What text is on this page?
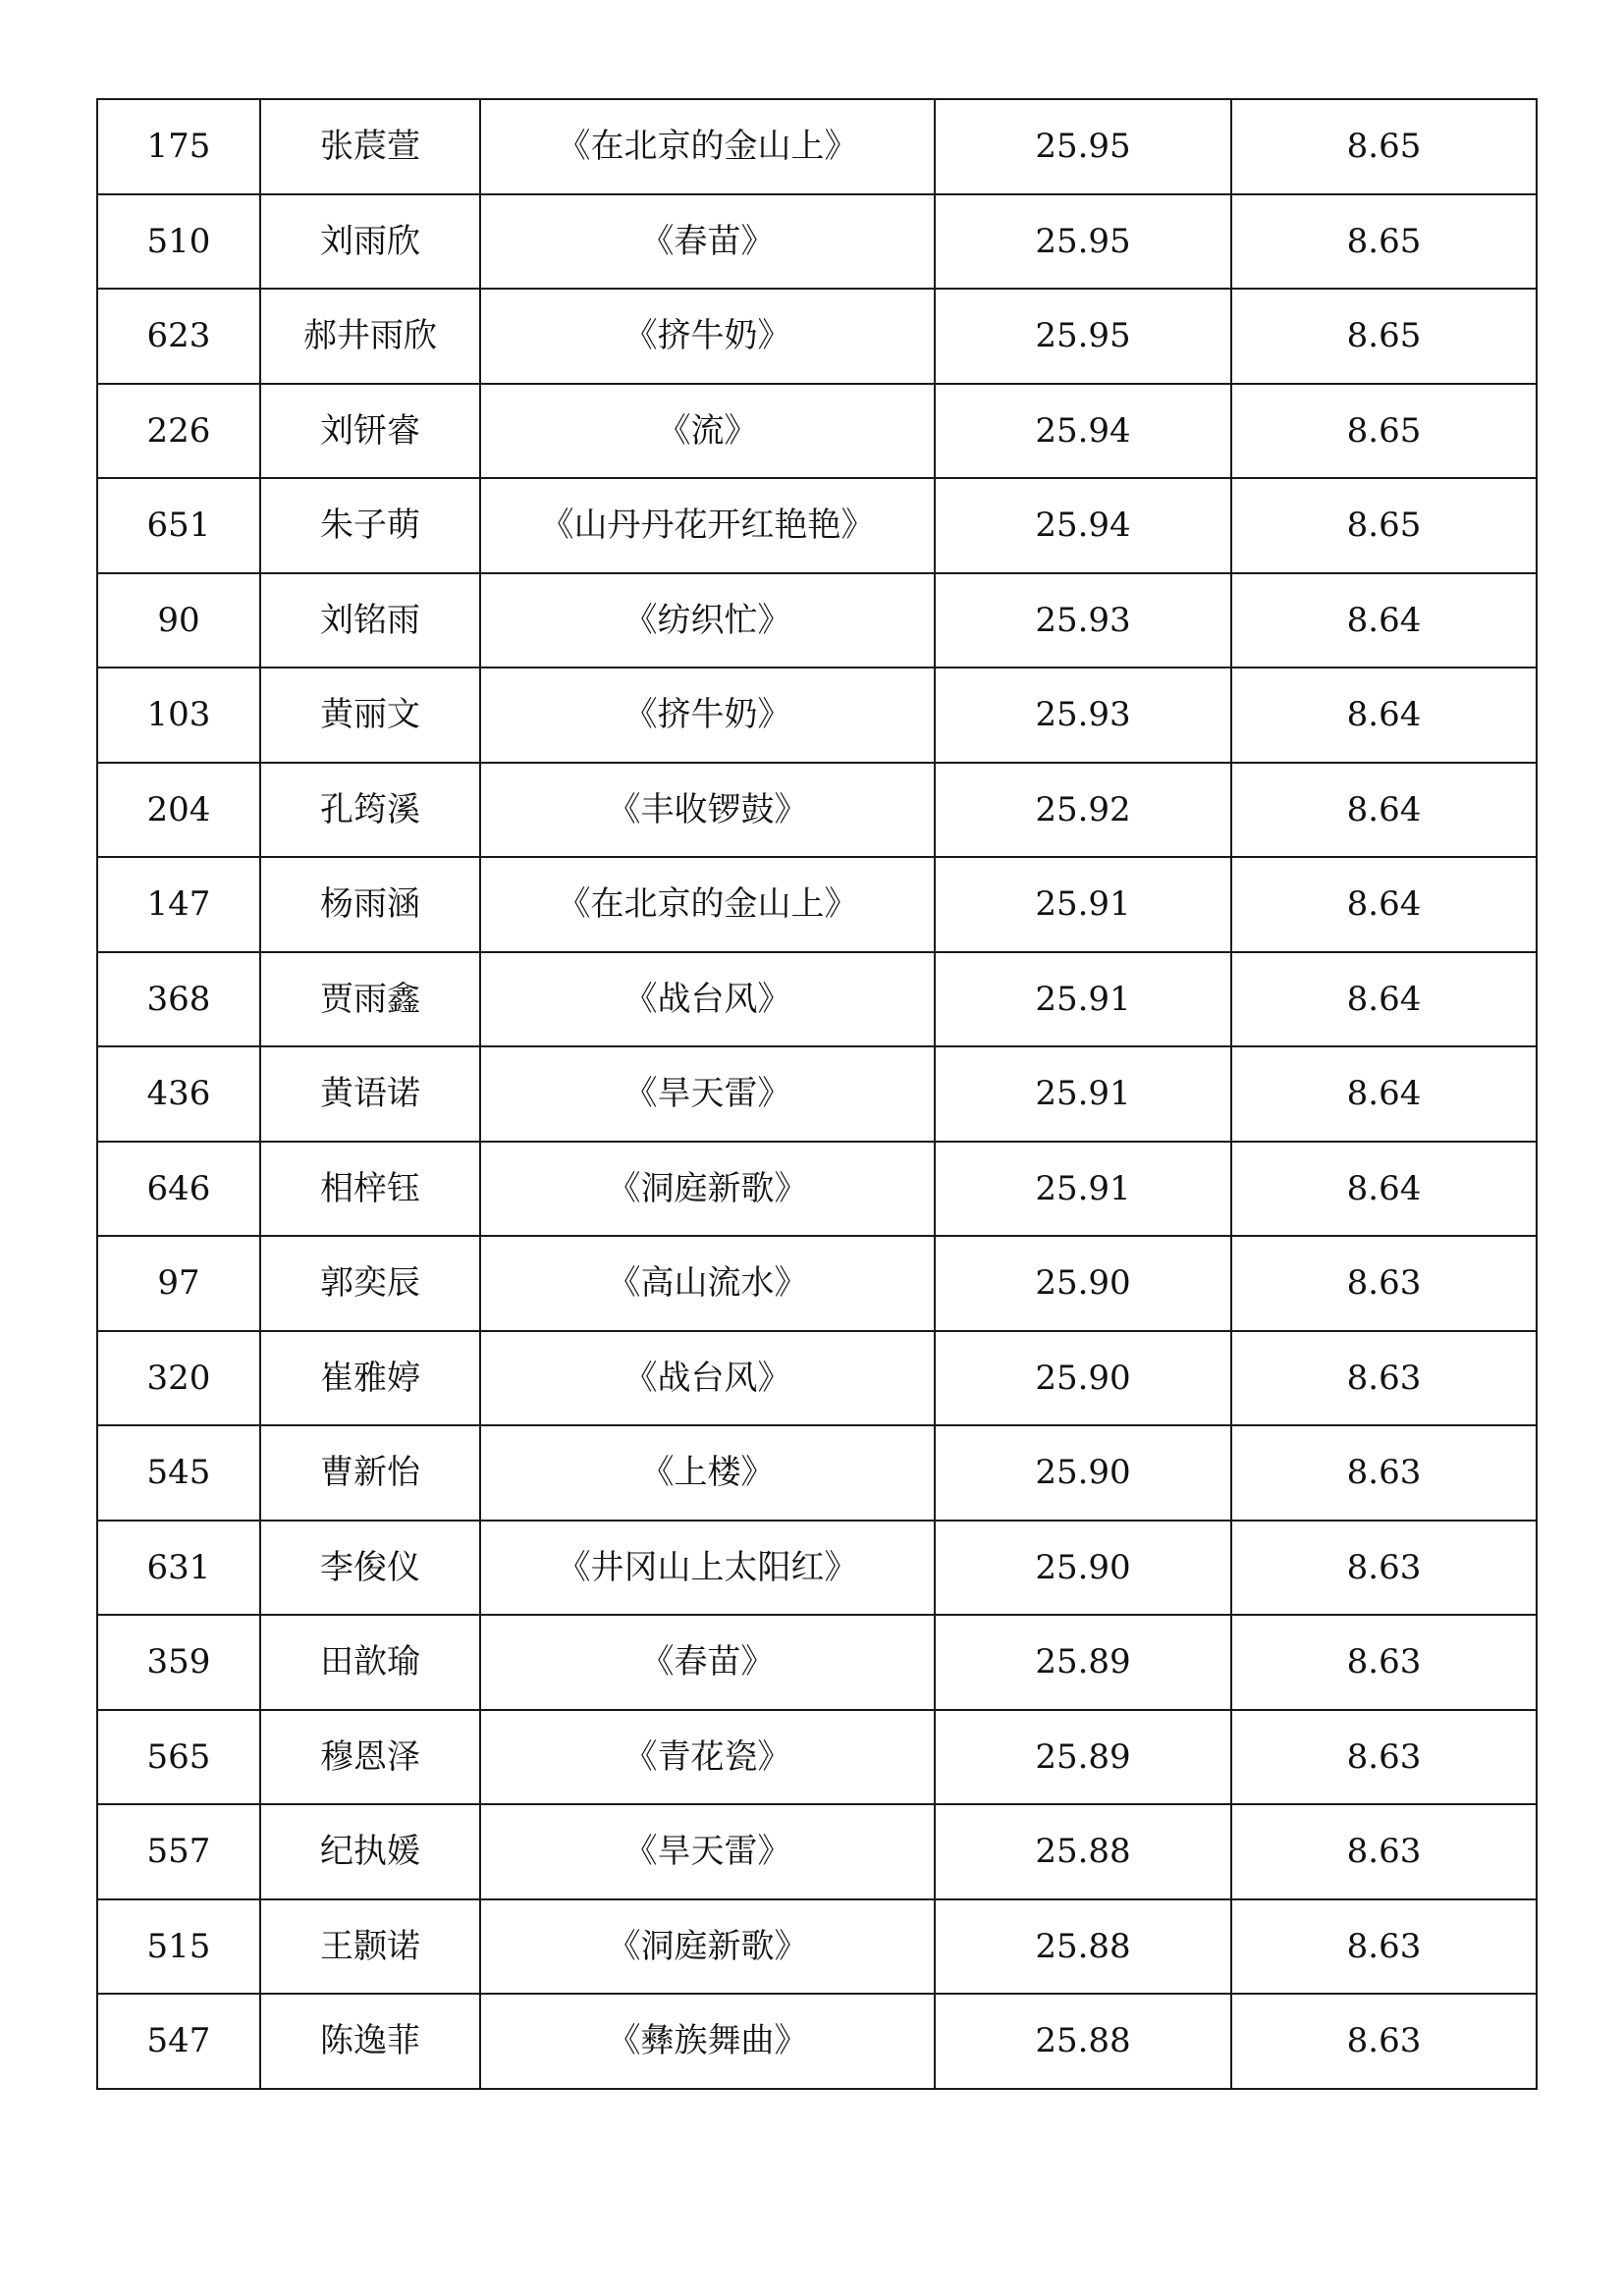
175	张莀萱	《在北京的金山上》	25.95	8.65
510	刘雨欣	《春苗》	25.95	8.65
623	郝井雨欣	《挤牛奶》	25.95	8.65
226	刘钘睿	《流》	25.94	8.65
651	朱子萌	《山丹丹花开红艳艳》	25.94	8.65
90	刘铭雨	《纺织忙》	25.93	8.64
103	黄丽文	《挤牛奶》	25.93	8.64
204	孔筠溪	《丰收锣鼓》	25.92	8.64
147	杨雨涵	《在北京的金山上》	25.91	8.64
368	贾雨鑫	《战台风》	25.91	8.64
436	黄语诺	《旱天雷》	25.91	8.64
646	相梓钰	《洞庭新歌》	25.91	8.64
97	郭奕辰	《高山流水》	25.90	8.63
320	崔雅婷	《战台风》	25.90	8.63
545	曹新怡	《上楼》	25.90	8.63
631	李俊仪	《井冈山上太阳红》	25.90	8.63
359	田歆瑜	《春苗》	25.89	8.63
565	穆恩泽	《青花瓷》	25.89	8.63
557	纪执媛	《旱天雷》	25.88	8.63
515	王颢诺	《洞庭新歌》	25.88	8.63
547	陈逸菲	《彝族舞曲》	25.88	8.63
